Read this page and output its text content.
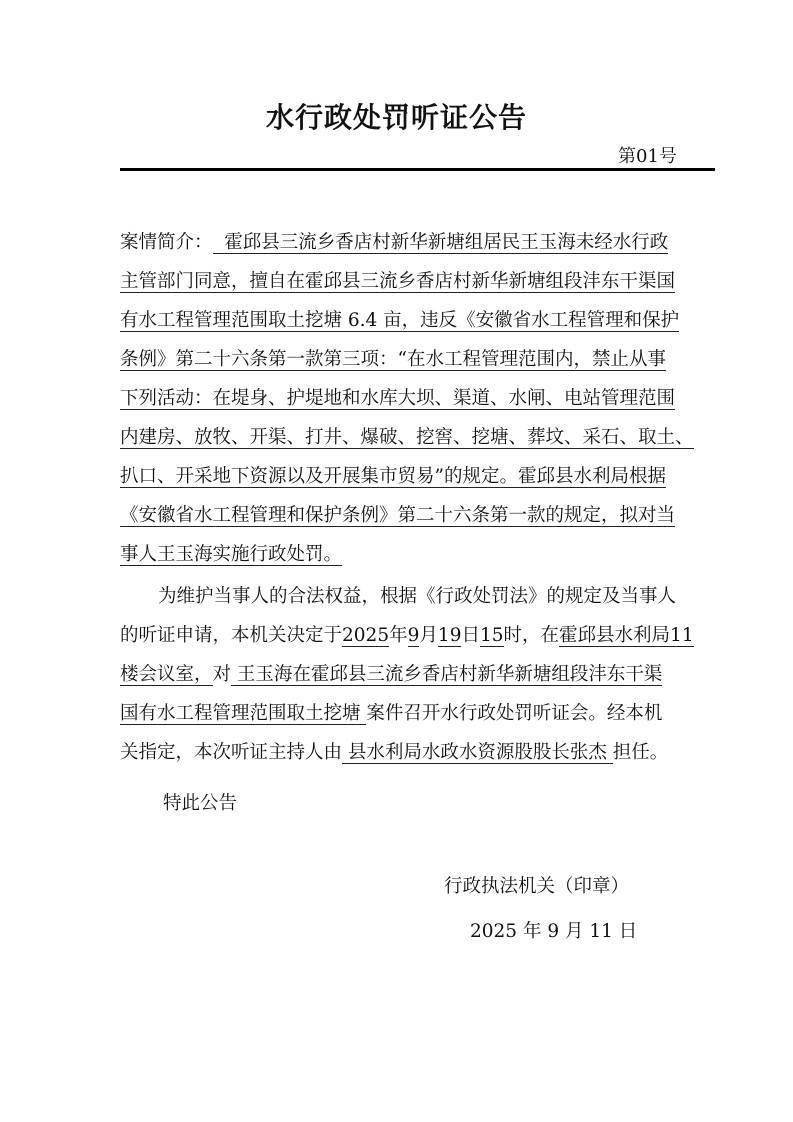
水行政处罚听证公告
第01号
案情简介：  霍邱县三流乡香店村新华新塘组居民王玉海未经水行政
主管部门同意，擅自在霍邱县三流乡香店村新华新塘组段沣东干渠国
有水工程管理范围取土挖塘 6.4 亩，违反《安徽省水工程管理和保护
条例》第二十六条第一款第三项：“在水工程管理范围内，禁止从事
下列活动：在堤身、护堤地和水库大坝、渠道、水闸、电站管理范围
内建房、放牧、开渠、打井、爆破、挖窖、挖塘、葬坟、采石、取土、
扒口、开采地下资源以及开展集市贸易”的规定。霍邱县水利局根据
《安徽省水工程管理和保护条例》第二十六条第一款的规定，拟对当
事人王玉海实施行政处罚。
为维护当事人的合法权益，根据《行政处罚法》的规定及当事人
的听证申请，本机关决定于2025年9月19日15时，在霍邱县水利局11
楼会议室，对 王玉海在霍邱县三流乡香店村新华新塘组段沣东干渠
国有水工程管理范围取土挖塘 案件召开水行政处罚听证会。经本机
关指定，本次听证主持人由 县水利局水政水资源股股长张杰 担任。
特此公告
行政执法机关（印章）
2025 年 9 月 11 日
